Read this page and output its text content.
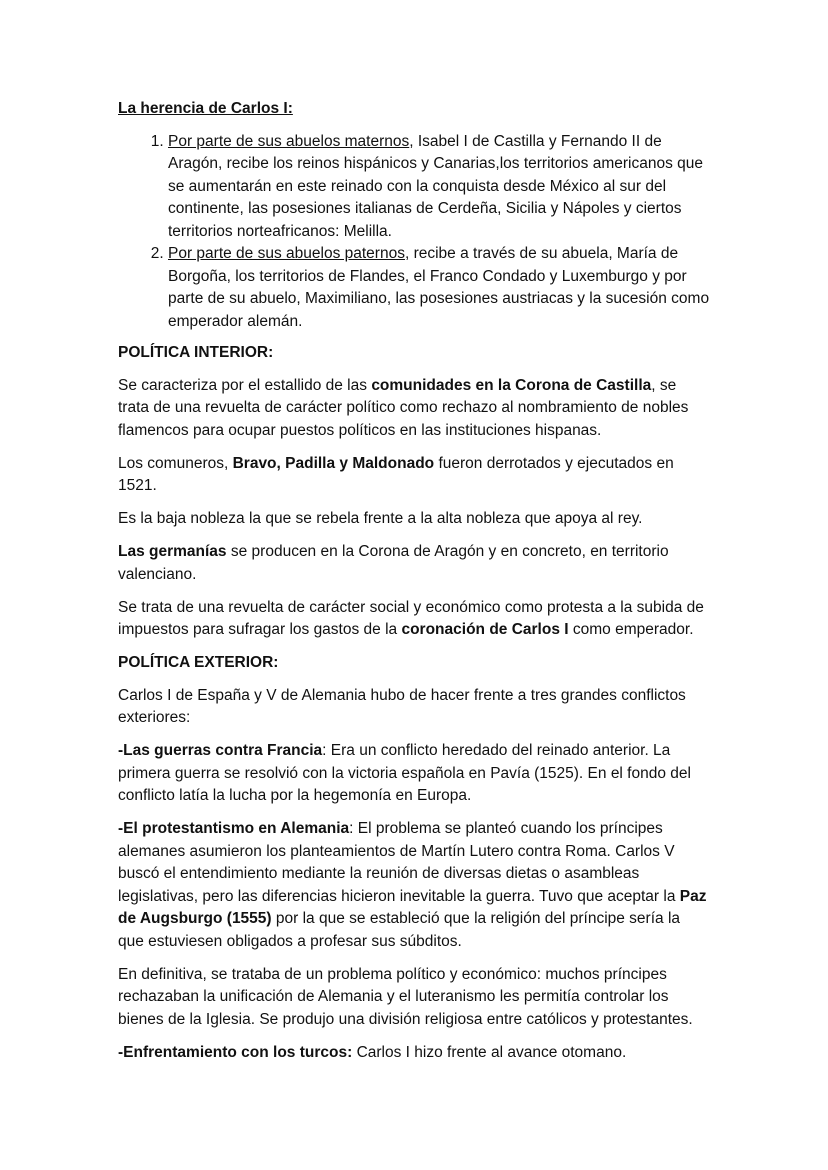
La herencia de Carlos I:
1. Por parte de sus abuelos maternos, Isabel I de Castilla y Fernando II de Aragón, recibe los reinos hispánicos y Canarias,los territorios americanos que se aumentarán en este reinado con la conquista desde México al sur del continente, las posesiones italianas de Cerdeña, Sicilia y Nápoles y ciertos territorios norteafricanos: Melilla.
2. Por parte de sus abuelos paternos, recibe a través de su abuela, María de Borgoña, los territorios de Flandes, el Franco Condado y Luxemburgo y por parte de su abuelo, Maximiliano, las posesiones austriacas y la sucesión como emperador alemán.
POLÍTICA INTERIOR:

Se caracteriza por el estallido de las comunidades en la Corona de Castilla, se trata de una revuelta de carácter político como rechazo al nombramiento de nobles flamencos para ocupar puestos políticos en las instituciones hispanas.

Los comuneros, Bravo, Padilla y Maldonado fueron derrotados y ejecutados en 1521.

Es la baja nobleza la que se rebela frente a la alta nobleza que apoya al rey.

Las germanías se producen en la Corona de Aragón y en concreto, en territorio valenciano.

Se trata de una revuelta de carácter social y económico como protesta a la subida de impuestos para sufragar los gastos de la coronación de Carlos I como emperador.

POLÍTICA EXTERIOR:

Carlos I de España y V de Alemania hubo de hacer frente a tres grandes conflictos exteriores:

-Las guerras contra Francia: Era un conflicto heredado del reinado anterior. La primera guerra se resolvió con la victoria española en Pavía (1525). En el fondo del conflicto latía la lucha por la hegemonía en Europa.

-El protestantismo en Alemania: El problema se planteó cuando los príncipes alemanes asumieron los planteamientos de Martín Lutero contra Roma. Carlos V buscó el entendimiento mediante la reunión de diversas dietas o asambleas legislativas, pero las diferencias hicieron inevitable la guerra. Tuvo que aceptar la Paz de Augsburgo (1555) por la que se estableció que la religión del príncipe sería la que estuviesen obligados a profesar sus súbditos.

En definitiva, se trataba de un problema político y económico: muchos príncipes rechazaban la unificación de Alemania y el luteranismo les permitía controlar los bienes de la Iglesia. Se produjo una división religiosa entre católicos y protestantes.

-Enfrentamiento con los turcos: Carlos I hizo frente al avance otomano.
